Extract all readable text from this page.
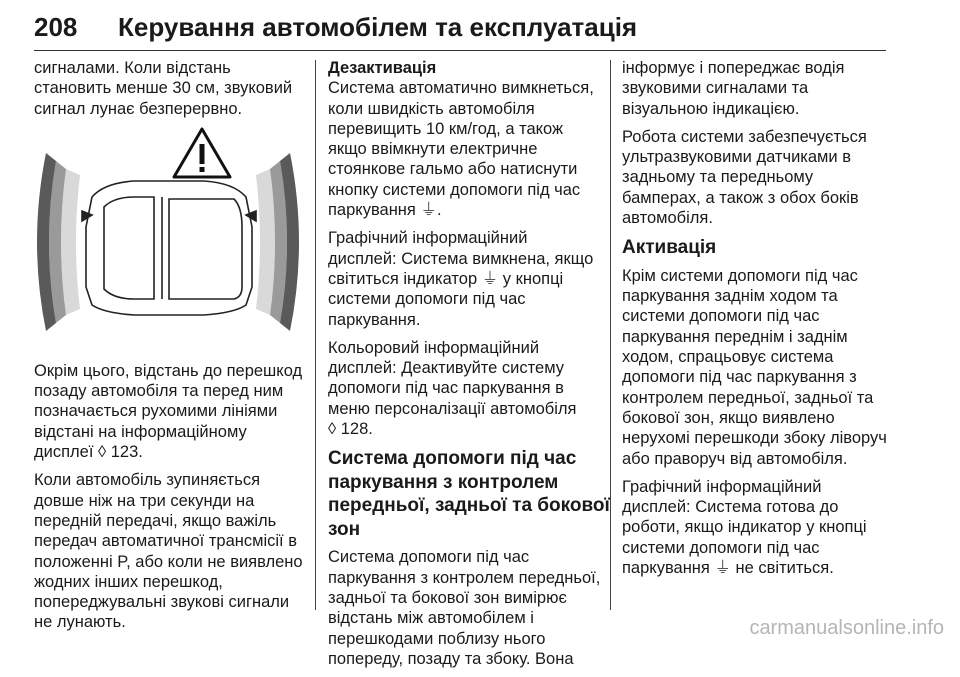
208 Керування автомобілем та експлуатація

сигналами. Коли відстань
становить менше 30 см, звуковий
сигнал лунає безперервно.

Окрім цього, відстань до перешкод
позаду автомобіля та перед ним
позначається рухомими лініями
відстані на інформаційному
дисплеї ◊ 123.

Коли автомобіль зупиняється
довше ніж на три секунди на
передній передачі, якщо важіль
передач автоматичної трансмісії в
положенні P, або коли не виявлено
жодних інших перешкод,
попереджувальні звукові сигнали
не лунають.

Дезактивація

Система автоматично вимкнеться,
коли швидкість автомобіля
перевищить 10 км/год, а також
якщо ввімкнути електричне
стоянкове гальмо або натиснути
кнопку системи допомоги під час
паркування ⏚.

Графічний інформаційний
дисплей: Система вимкнена, якщо
світиться індикатор ⏚ у кнопці
системи допомоги під час
паркування.

Кольоровий інформаційний
дисплей: Деактивуйте систему
допомоги під час паркування в
меню персоналізації автомобіля
◊ 128.

Система допомоги під час
паркування з контролем
передньої, задньої та бокової
зон

Система допомоги під час
паркування з контролем передньої,
задньої та бокової зон вимірює
відстань між автомобілем і
перешкодами поблизу нього
попереду, позаду та збоку. Вона

інформує і попереджає водія
звуковими сигналами та
візуальною індикацією.

Робота системи забезпечується
ультразвуковими датчиками в
задньому та передньому
бамперах, а також з обох боків
автомобіля.

Активація

Крім системи допомоги під час
паркування заднім ходом та
системи допомоги під час
паркування переднім і заднім
ходом, спрацьовує система
допомоги під час паркування з
контролем передньої, задньої та
бокової зон, якщо виявлено
нерухомі перешкоди збоку ліворуч
або праворуч від автомобіля.

Графічний інформаційний
дисплей: Система готова до
роботи, якщо індикатор у кнопці
системи допомоги під час
паркування ⏚ не світиться.

carmanualsonline.info
